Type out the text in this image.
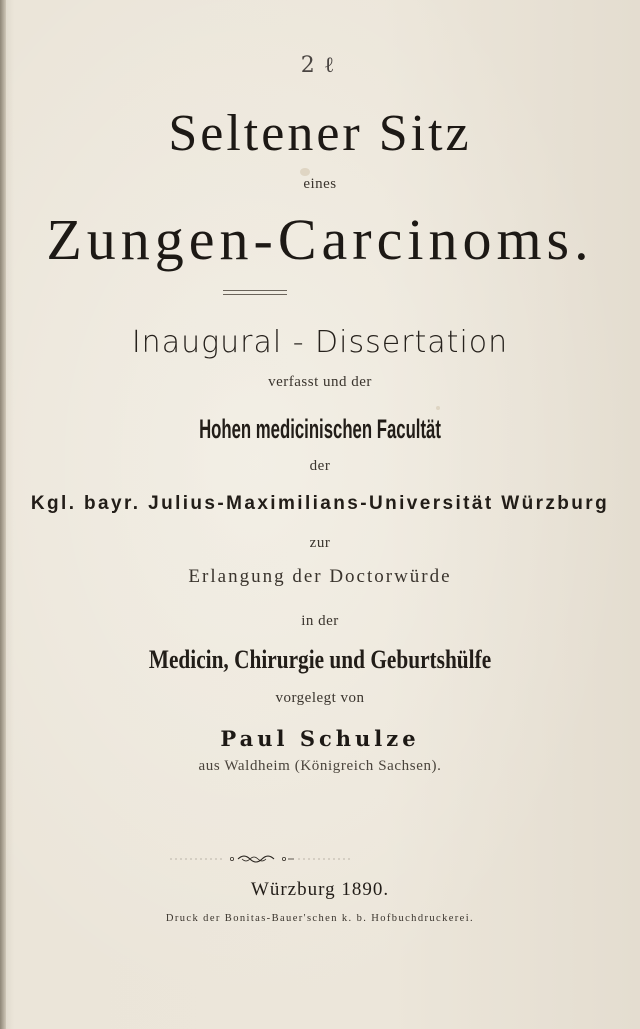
2 ℓ
Seltener Sitz
eines
Zungen-Carcinoms.
Inaugural - Dissertation
verfasst und der
Hohen medicinischen Facultät
der
Kgl. bayr. Julius-Maximilians-Universität Würzburg
zur
Erlangung der Doctorwürde
in der
Medicin, Chirurgie und Geburtshülfe
vorgelegt von
Paul Schulze
aus Waldheim (Königreich Sachsen).
Würzburg 1890.
Druck der Bonitas-Bauer'schen k. b. Hofbuchdruckerei.
